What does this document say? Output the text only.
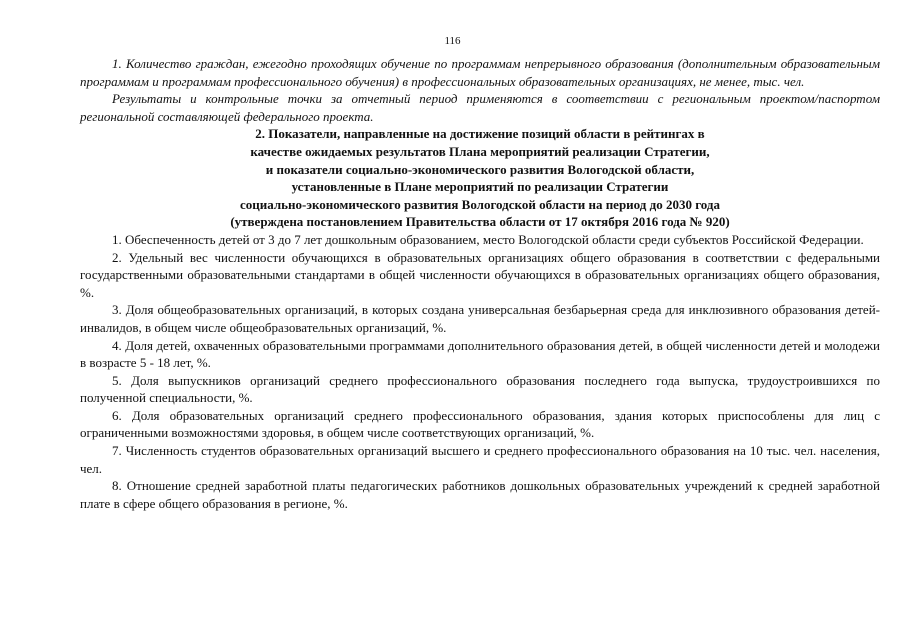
116

1. Количество граждан, ежегодно проходящих обучение по программам непрерывного образования (дополнительным образовательным программам и программам профессионального обучения) в профессиональных образовательных организациях, не менее, тыс. чел.

Результаты и контрольные точки за отчетный период применяются в соответствии с региональным проектом/паспортом региональной составляющей федерального проекта.

2. Показатели, направленные на достижение позиций области в рейтингах в
качестве ожидаемых результатов Плана мероприятий реализации Стратегии,
и показатели социально-экономического развития Вологодской области,
установленные в Плане мероприятий по реализации Стратегии
социально-экономического развития Вологодской области на период до 2030 года
(утверждена постановлением Правительства области от 17 октября 2016 года № 920)

1. Обеспеченность детей от 3 до 7 лет дошкольным образованием, место Вологодской области среди субъектов Российской Федерации.

2. Удельный вес численности обучающихся в образовательных организациях общего образования в соответствии с федеральными государственными образовательными стандартами в общей численности обучающихся в образовательных организациях общего образования, %.

3. Доля общеобразовательных организаций, в которых создана универсальная безбарьерная среда для инклюзивного образования детей-инвалидов, в общем числе общеобразовательных организаций, %.

4. Доля детей, охваченных образовательными программами дополнительного образования детей, в общей численности детей и молодежи в возрасте 5 - 18 лет, %.

5. Доля выпускников организаций среднего профессионального образования последнего года выпуска, трудоустроившихся по полученной специальности, %.

6. Доля образовательных организаций среднего профессионального образования, здания которых приспособлены для лиц с ограниченными возможностями здоровья, в общем числе соответствующих организаций, %.

7. Численность студентов образовательных организаций высшего и среднего профессионального образования на 10 тыс. чел. населения, чел.

8. Отношение средней заработной платы педагогических работников дошкольных образовательных учреждений к средней заработной плате в сфере общего образования в регионе, %.
